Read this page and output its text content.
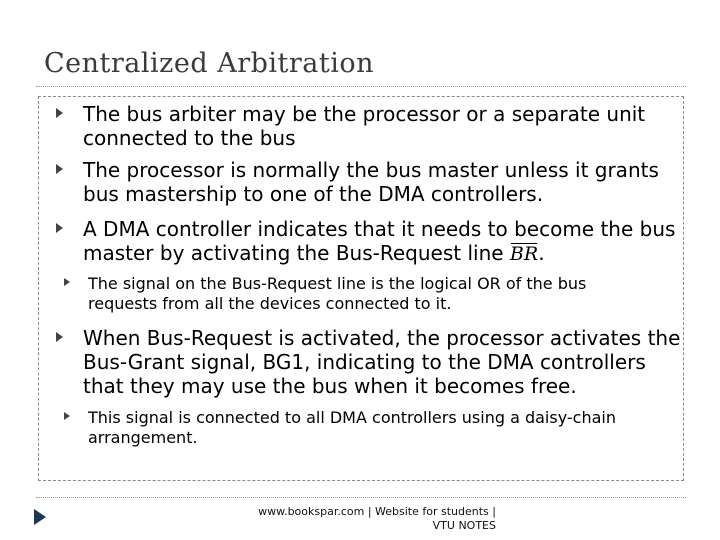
Centralized Arbitration
The bus arbiter may be the processor or a separate unit connected to the bus
The processor is normally the bus master unless it grants bus mastership to one of the DMA controllers.
A DMA controller indicates that it needs to become the bus master by activating the Bus-Request line BR.
The signal on the Bus-Request line is the logical OR of the bus requests from all the devices connected to it.
When Bus-Request is activated, the processor activates the Bus-Grant signal, BG1, indicating to the DMA controllers that they may use the bus when it becomes free.
This signal is connected to all DMA controllers using a daisy-chain arrangement.
www.bookspar.com | Website for students |
VTU NOTES
